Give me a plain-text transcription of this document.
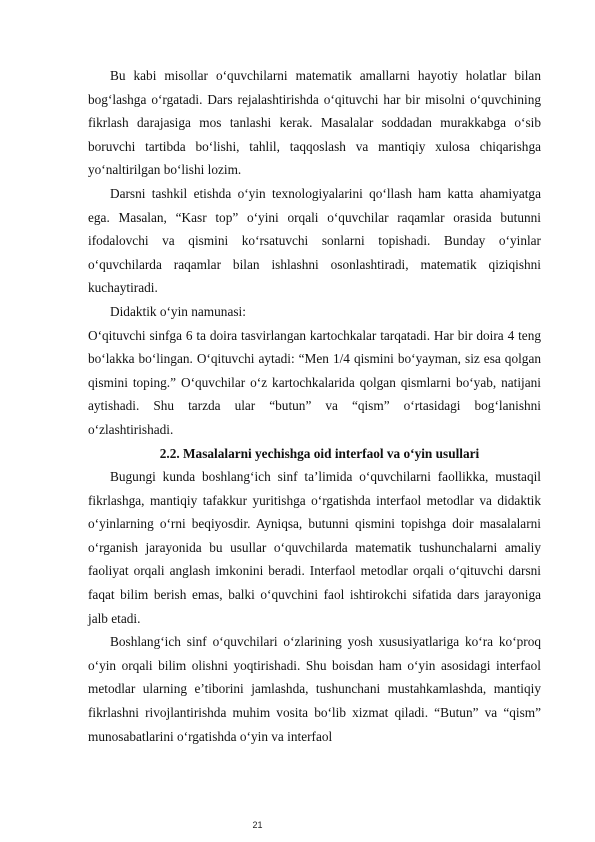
Bu kabi misollar o‘quvchilarni matematik amallarni hayotiy holatlar bilan bog‘lashga o‘rgatadi. Dars rejalashtirishda o‘qituvchi har bir misolni o‘quvchining fikrlash darajasiga mos tanlashi kerak. Masalalar soddadan murakkabga o‘sib boruvchi tartibda bo‘lishi, tahlil, taqqoslash va mantiqiy xulosa chiqarishga yo‘naltirilgan bo‘lishi lozim.

Darsni tashkil etishda o‘yin texnologiyalarini qo‘llash ham katta ahamiyatga ega. Masalan, “Kasr top” o‘yini orqali o‘quvchilar raqamlar orasida butunni ifodalovchi va qismini ko‘rsatuvchi sonlarni topishadi. Bunday o‘yinlar o‘quvchilarda raqamlar bilan ishlashni osonlashtiradi, matematik qiziqishni kuchaytiradi.

Didaktik o‘yin namunasi:

O‘qituvchi sinfga 6 ta doira tasvirlangan kartochkalar tarqatadi. Har bir doira 4 teng bo‘lakka bo‘lingan. O‘qituvchi aytadi: “Men 1/4 qismini bo‘yayman, siz esa qolgan qismini toping.” O‘quvchilar o‘z kartochkalarida qolgan qismlarni bo‘yab, natijani aytishadi. Shu tarzda ular “butun” va “qism” o‘rtasidagi bog‘lanishni o‘zlashtirishadi.

2.2. Masalalarni yechishga oid interfaol va o‘yin usullari

Bugungi kunda boshlang‘ich sinf ta’limida o‘quvchilarni faollikka, mustaqil fikrlashga, mantiqiy tafakkur yuritishga o‘rgatishda interfaol metodlar va didaktik o‘yinlarning o‘rni beqiyosdir. Ayniqsa, butunni qismini topishga doir masalalarni o‘rganish jarayonida bu usullar o‘quvchilarda matematik tushunchalarni amaliy faoliyat orqali anglash imkonini beradi. Interfaol metodlar orqali o‘qituvchi darsni faqat bilim berish emas, balki o‘quvchini faol ishtirokchi sifatida dars jarayoniga jalb etadi.

Boshlang‘ich sinf o‘quvchilari o‘zlarining yosh xususiyatlariga ko‘ra ko‘proq o‘yin orqali bilim olishni yoqtirishadi. Shu boisdan ham o‘yin asosidagi interfaol metodlar ularning e’tiborini jamlashda, tushunchani mustahkamlashda, mantiqiy fikrlashni rivojlantirishda muhim vosita bo‘lib xizmat qiladi. “Butun” va “qism” munosabatlarini o‘rgatishda o‘yin va interfaol

21
